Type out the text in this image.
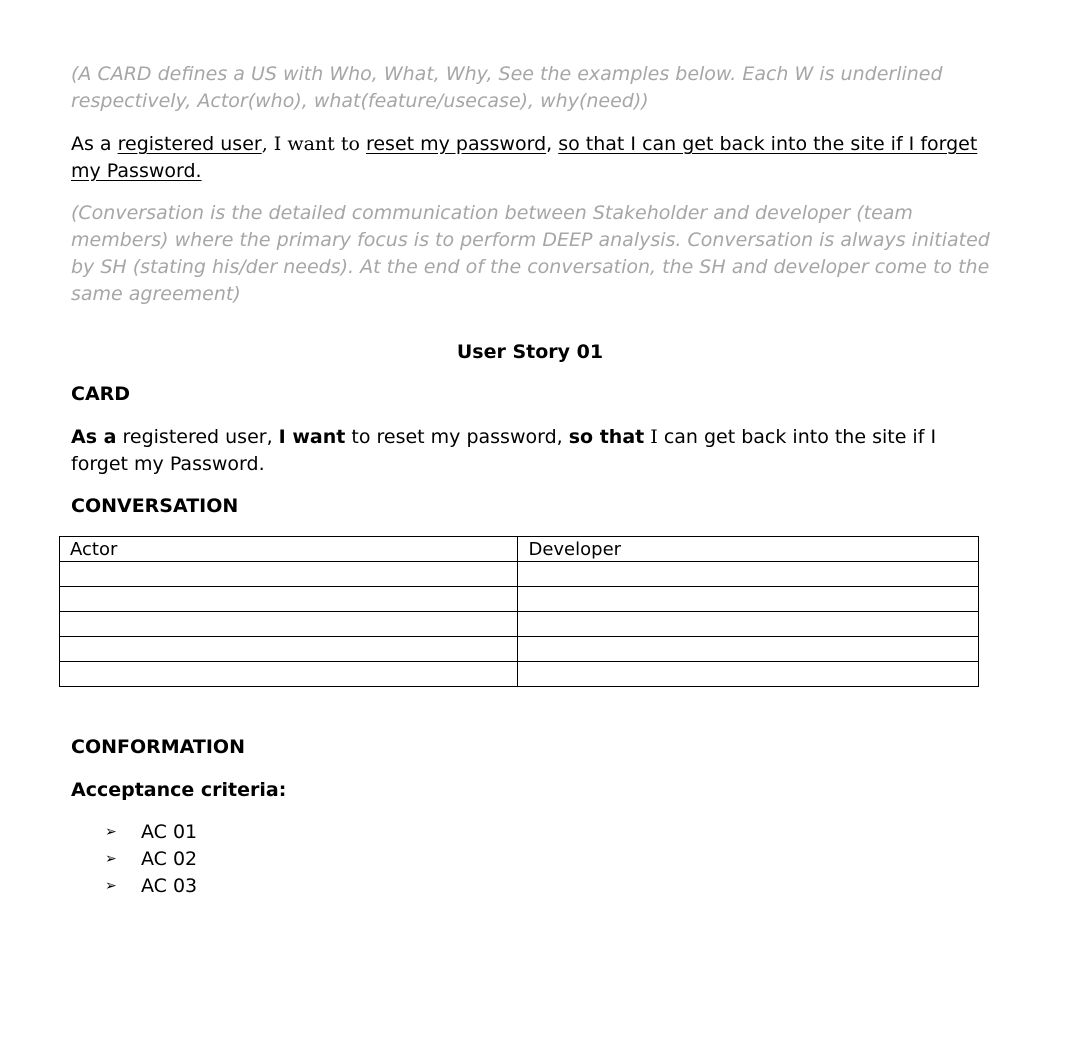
(A CARD defines a US with Who, What, Why, See the examples below. Each W is underlined respectively, Actor(who), what(feature/usecase), why(need))

As a registered user, I want to reset my password, so that I can get back into the site if I forget my Password.

(Conversation is the detailed communication between Stakeholder and developer (team members) where the primary focus is to perform DEEP analysis. Conversation is always initiated by SH (stating his/der needs). At the end of the conversation, the SH and developer come to the same agreement)

User Story 01

CARD

As a registered user, I want to reset my password, so that I can get back into the site if I forget my Password.

CONVERSATION

Actor	Developer

CONFORMATION

Acceptance criteria:

➢	AC 01
➢	AC 02
➢	AC 03
